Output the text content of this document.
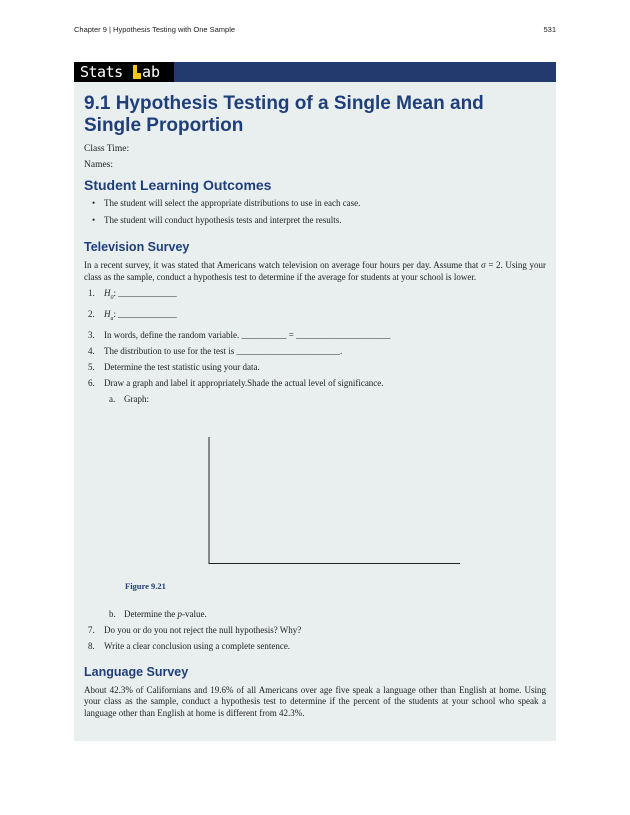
Chapter 9 | Hypothesis Testing with One Sample	531
Stats ab
9.1 Hypothesis Testing of a Single Mean and Single Proportion
Class Time:
Names:
Student Learning Outcomes
• The student will select the appropriate distributions to use in each case.
• The student will conduct hypothesis tests and interpret the results.
Television Survey

In a recent survey, it was stated that Americans watch television on average four hours per day. Assume that σ = 2. Using your class as the sample, conduct a hypothesis test to determine if the average for students at your school is lower.

1. $H_0$: _____________
2. $H_a$: _____________
3. In words, define the random variable. __________ = _____________________
4. The distribution to use for the test is _______________________.
5. Determine the test statistic using your data.
6. Draw a graph and label it appropriately.Shade the actual level of significance.
a. Graph:
Figure 9.21
b. Determine the p-value.
7. Do you or do you not reject the null hypothesis? Why?
8. Write a clear conclusion using a complete sentence.
Language Survey

About 42.3% of Californians and 19.6% of all Americans over age five speak a language other than English at home. Using your class as the sample, conduct a hypothesis test to determine if the percent of the students at your school who speak a language other than English at home is different from 42.3%.
